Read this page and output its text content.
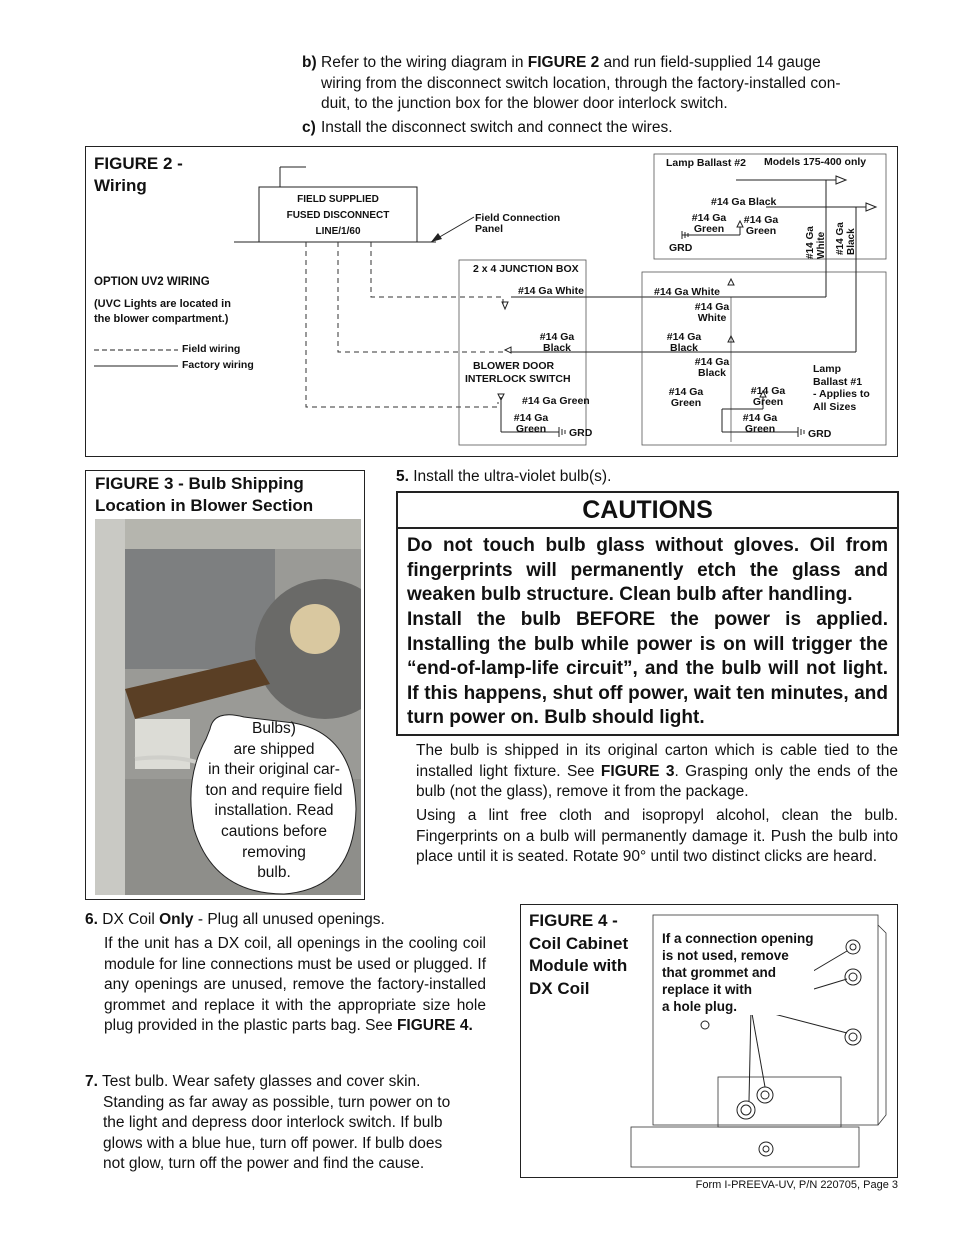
b) Refer to the wiring diagram in FIGURE 2 and run field-supplied 14 gauge
wiring from the disconnect switch location, through the factory-installed con-
duit, to the junction box for the blower door interlock switch.
c) Install the disconnect switch and connect the wires.
FIGURE 2 -
Wiring
FIELD SUPPLIED
FUSED DISCONNECT
LINE/1/60
Field Connection
Panel
OPTION UV2 WIRING
(UVC Lights are located in
the blower compartment.)
Field wiring
Factory wiring
2 x 4 JUNCTION BOX
#14 Ga White
#14 Ga
Black
BLOWER DOOR
INTERLOCK SWITCH
#14 Ga Green
#14 Ga
Green	GRD
Lamp Ballast #2 Models 175-400 only
#14 Ga Black
#14 Ga
Green
#14 Ga
Green
GRD	#14 Ga White #14 Ga Black
#14 Ga White
#14 Ga
White
#14 Ga
Black
#14 Ga
Black
#14 Ga
Green
#14 Ga
Green
#14 Ga
Green	GRD
Lamp
Ballast #1
- Applies to
All Sizes
FIGURE 3 - Bulb Shipping
Location in Blower Section
Bulbs)
are shipped
in their original car-
ton and require field
installation. Read
cautions before
removing
bulb.
5. Install the ultra-violet bulb(s).
CAUTIONS
Do not touch bulb glass without gloves. Oil from fingerprints will permanently etch the glass and weaken bulb structure. Clean bulb after handling.
Install the bulb BEFORE the power is applied. Installing the bulb while power is on will trigger the “end-of-lamp-life circuit”, and the bulb will not light. If this happens, shut off power, wait ten minutes, and turn power on. Bulb should light.
The bulb is shipped in its original carton which is cable tied to the installed light fixture. See FIGURE 3. Grasping only the ends of the bulb (not the glass), remove it from the package.
Using a lint free cloth and isopropyl alcohol, clean the bulb. Fingerprints on a bulb will permanently damage it. Push the bulb into place until it is seated. Rotate 90° until two distinct clicks are heard.
6. DX Coil Only - Plug all unused openings.
If the unit has a DX coil, all openings in the cooling coil module for line connections must be used or plugged. If any openings are unused, remove the factory-installed grommet and replace it with the appropriate size hole plug provided in the plastic parts bag. See FIGURE 4.
7. Test bulb. Wear safety glasses and cover skin.
Standing as far away as possible, turn power on to
the light and depress door interlock switch. If bulb
glows with a blue hue, turn off power. If bulb does
not glow, turn off the power and find the cause.
FIGURE 4 -
Coil Cabinet
Module with
DX Coil
If a connection opening
is not used, remove
that grommet and
replace it with
a hole plug.
Form I-PREEVA-UV, P/N 220705, Page 3
